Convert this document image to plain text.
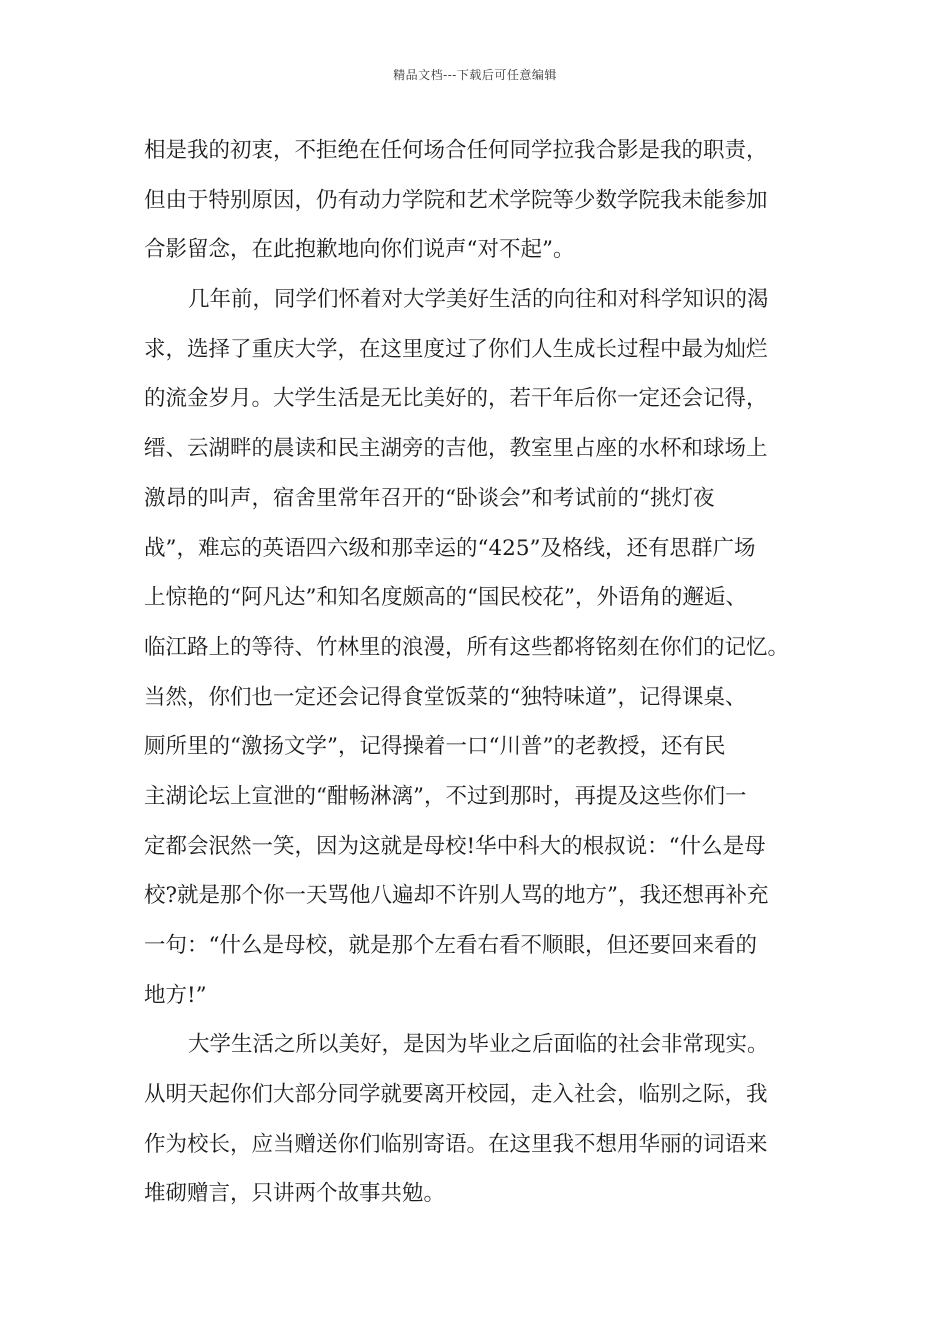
精品文档---下载后可任意编辑
相是我的初衷，不拒绝在任何场合任何同学拉我合影是我的职责，
但由于特别原因，仍有动力学院和艺术学院等少数学院我未能参加
合影留念，在此抱歉地向你们说声“对不起”。
几年前，同学们怀着对大学美好生活的向往和对科学知识的渴
求，选择了重庆大学，在这里度过了你们人生成长过程中最为灿烂
的流金岁月。大学生活是无比美好的，若干年后你一定还会记得，
缙、云湖畔的晨读和民主湖旁的吉他，教室里占座的水杯和球场上
激昂的叫声，宿舍里常年召开的“卧谈会”和考试前的“挑灯夜
战”，难忘的英语四六级和那幸运的“425”及格线，还有思群广场
上惊艳的“阿凡达”和知名度颇高的“国民校花”，外语角的邂逅、
临江路上的等待、竹林里的浪漫，所有这些都将铭刻在你们的记忆。
当然，你们也一定还会记得食堂饭菜的“独特味道”，记得课桌、
厕所里的“激扬文学”，记得操着一口“川普”的老教授，还有民
主湖论坛上宣泄的“酣畅淋漓”，不过到那时，再提及这些你们一
定都会泯然一笑，因为这就是母校!华中科大的根叔说：“什么是母
校?就是那个你一天骂他八遍却不许别人骂的地方”，我还想再补充
一句：“什么是母校，就是那个左看右看不顺眼，但还要回来看的
地方!”
大学生活之所以美好，是因为毕业之后面临的社会非常现实。
从明天起你们大部分同学就要离开校园，走入社会，临别之际，我
作为校长，应当赠送你们临别寄语。在这里我不想用华丽的词语来
堆砌赠言，只讲两个故事共勉。
